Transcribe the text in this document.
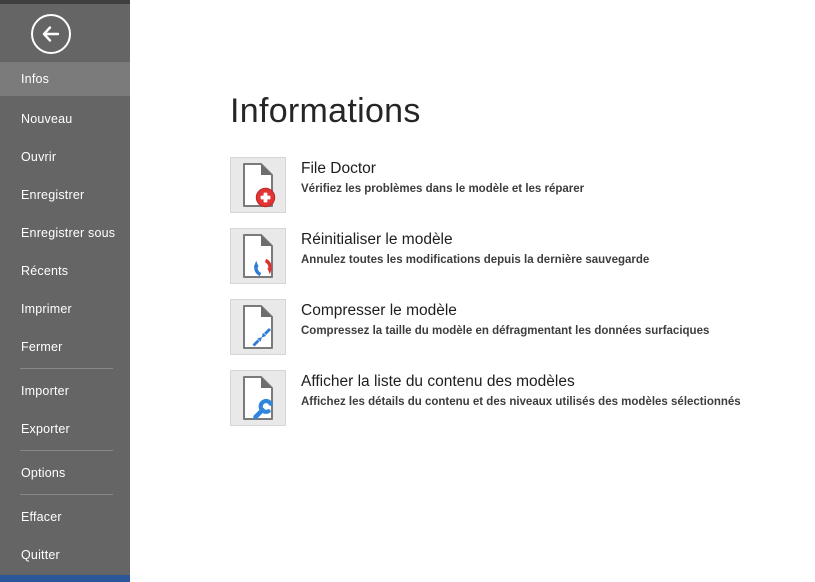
Infos
Nouveau
Ouvrir
Enregistrer
Enregistrer sous
Récents
Imprimer
Fermer
Importer
Exporter
Options
Effacer
Quitter
Informations

File Doctor

Vérifiez les problèmes dans le modèle et les réparer

Réinitialiser le modèle

Annulez toutes les modifications depuis la dernière sauvegarde

Compresser le modèle

Compressez la taille du modèle en défragmentant les données surfaciques

Afficher la liste du contenu des modèles

Affichez les détails du contenu et des niveaux utilisés des modèles sélectionnés
